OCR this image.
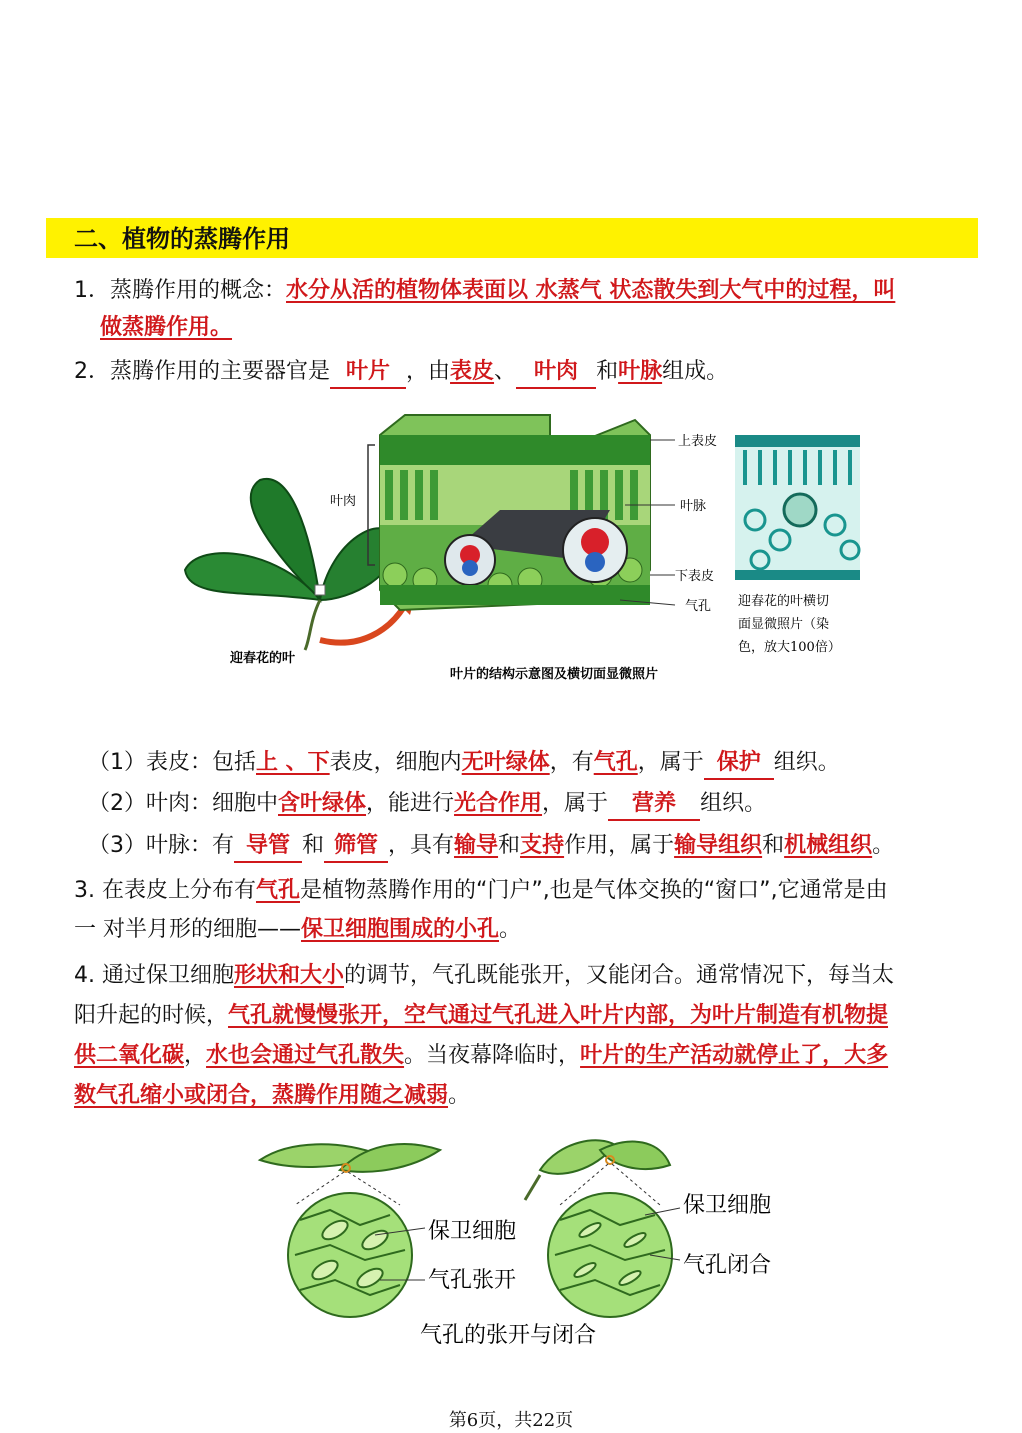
二、植物的蒸腾作用
1．蒸腾作用的概念：水分从活的植物体表面以 水蒸气 状态散失到大气中的过程，叫
做蒸腾作用。
2．蒸腾作用的主要器官是 叶片 ，由表皮、 叶肉 和叶脉组成。
叶肉
上表皮
叶脉
下表皮
气孔 迎春花的叶横切
面显微照片（染
色，放大100倍）
迎春花的叶
叶片的结构示意图及横切面显微照片
（1）表皮：包括上 、下表皮，细胞内无叶绿体，有气孔，属于 保护 组织。
（2）叶肉：细胞中含叶绿体，能进行光合作用，属于 营养 组织。
（3）叶脉：有 导管 和 筛管 ，具有输导和支持作用，属于输导组织和机械组织。
3. 在表皮上分布有气孔是植物蒸腾作用的“门户”,也是气体交换的“窗口”,它通常是由
一 对半月形的细胞——保卫细胞围成的小孔。
4. 通过保卫细胞形状和大小的调节，气孔既能张开，又能闭合。通常情况下，每当太
阳升起的时候，气孔就慢慢张开，空气通过气孔进入叶片内部，为叶片制造有机物提
供二氧化碳，水也会通过气孔散失。当夜幕降临时，叶片的生产活动就停止了，大多
数气孔缩小或闭合，蒸腾作用随之减弱。
保卫细胞
气孔张开
保卫细胞
气孔闭合
气孔的张开与闭合
第6页，共22页
